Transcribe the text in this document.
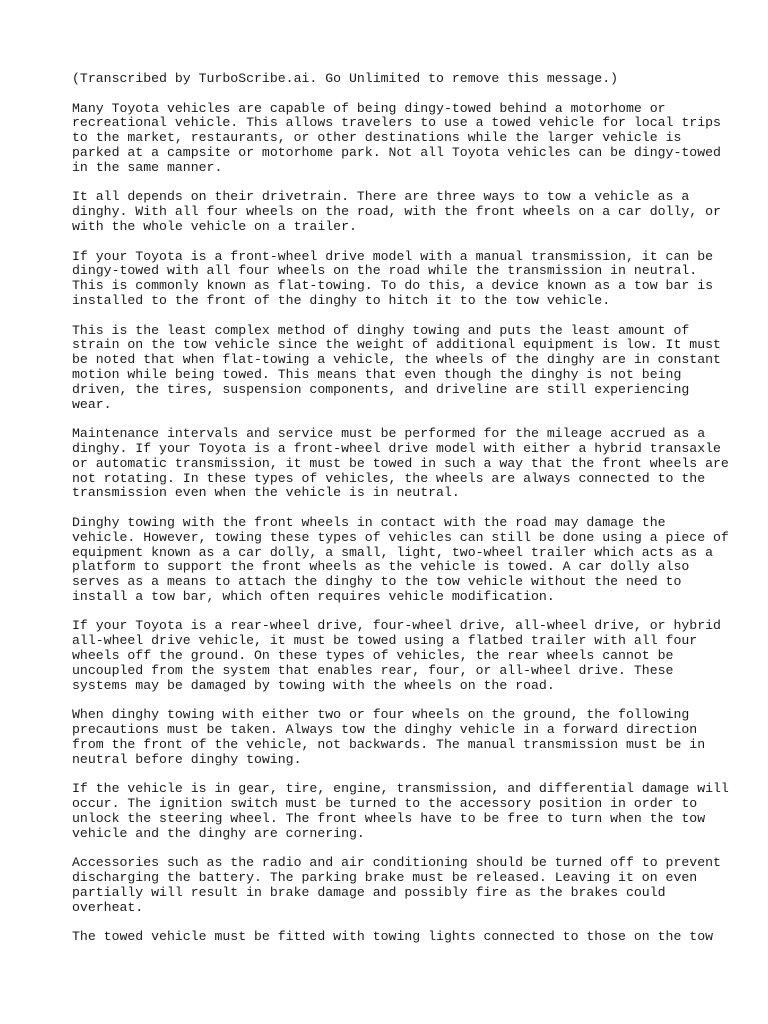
(Transcribed by TurboScribe.ai. Go Unlimited to remove this message.)

Many Toyota vehicles are capable of being dingy-towed behind a motorhome or
recreational vehicle. This allows travelers to use a towed vehicle for local trips
to the market, restaurants, or other destinations while the larger vehicle is
parked at a campsite or motorhome park. Not all Toyota vehicles can be dingy-towed
in the same manner.

It all depends on their drivetrain. There are three ways to tow a vehicle as a
dinghy. With all four wheels on the road, with the front wheels on a car dolly, or
with the whole vehicle on a trailer.

If your Toyota is a front-wheel drive model with a manual transmission, it can be
dingy-towed with all four wheels on the road while the transmission in neutral.
This is commonly known as flat-towing. To do this, a device known as a tow bar is
installed to the front of the dinghy to hitch it to the tow vehicle.

This is the least complex method of dinghy towing and puts the least amount of
strain on the tow vehicle since the weight of additional equipment is low. It must
be noted that when flat-towing a vehicle, the wheels of the dinghy are in constant
motion while being towed. This means that even though the dinghy is not being
driven, the tires, suspension components, and driveline are still experiencing
wear.

Maintenance intervals and service must be performed for the mileage accrued as a
dinghy. If your Toyota is a front-wheel drive model with either a hybrid transaxle
or automatic transmission, it must be towed in such a way that the front wheels are
not rotating. In these types of vehicles, the wheels are always connected to the
transmission even when the vehicle is in neutral.

Dinghy towing with the front wheels in contact with the road may damage the
vehicle. However, towing these types of vehicles can still be done using a piece of
equipment known as a car dolly, a small, light, two-wheel trailer which acts as a
platform to support the front wheels as the vehicle is towed. A car dolly also
serves as a means to attach the dinghy to the tow vehicle without the need to
install a tow bar, which often requires vehicle modification.

If your Toyota is a rear-wheel drive, four-wheel drive, all-wheel drive, or hybrid
all-wheel drive vehicle, it must be towed using a flatbed trailer with all four
wheels off the ground. On these types of vehicles, the rear wheels cannot be
uncoupled from the system that enables rear, four, or all-wheel drive. These
systems may be damaged by towing with the wheels on the road.

When dinghy towing with either two or four wheels on the ground, the following
precautions must be taken. Always tow the dinghy vehicle in a forward direction
from the front of the vehicle, not backwards. The manual transmission must be in
neutral before dinghy towing.

If the vehicle is in gear, tire, engine, transmission, and differential damage will
occur. The ignition switch must be turned to the accessory position in order to
unlock the steering wheel. The front wheels have to be free to turn when the tow
vehicle and the dinghy are cornering.

Accessories such as the radio and air conditioning should be turned off to prevent
discharging the battery. The parking brake must be released. Leaving it on even
partially will result in brake damage and possibly fire as the brakes could
overheat.

The towed vehicle must be fitted with towing lights connected to those on the tow
